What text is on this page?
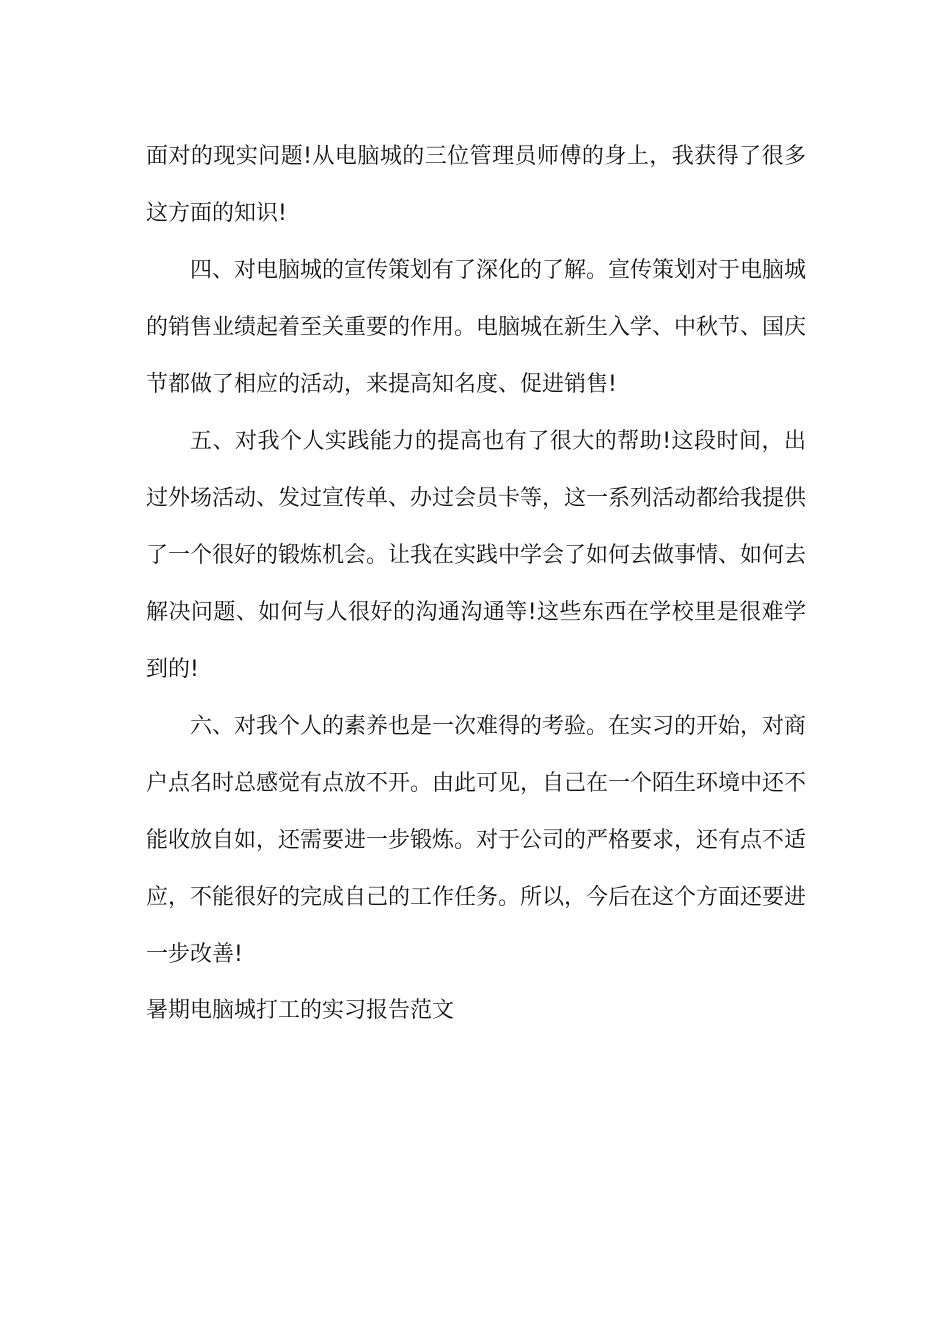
面对的现实问题!从电脑城的三位管理员师傅的身上，我获得了很多这方面的知识!

四、对电脑城的宣传策划有了深化的了解。宣传策划对于电脑城的销售业绩起着至关重要的作用。电脑城在新生入学、中秋节、国庆节都做了相应的活动，来提高知名度、促进销售!

五、对我个人实践能力的提高也有了很大的帮助!这段时间，出过外场活动、发过宣传单、办过会员卡等，这一系列活动都给我提供了一个很好的锻炼机会。让我在实践中学会了如何去做事情、如何去解决问题、如何与人很好的沟通沟通等!这些东西在学校里是很难学到的!

六、对我个人的素养也是一次难得的考验。在实习的开始，对商户点名时总感觉有点放不开。由此可见，自己在一个陌生环境中还不能收放自如，还需要进一步锻炼。对于公司的严格要求，还有点不适应，不能很好的完成自己的工作任务。所以，今后在这个方面还要进一步改善!

暑期电脑城打工的实习报告范文
